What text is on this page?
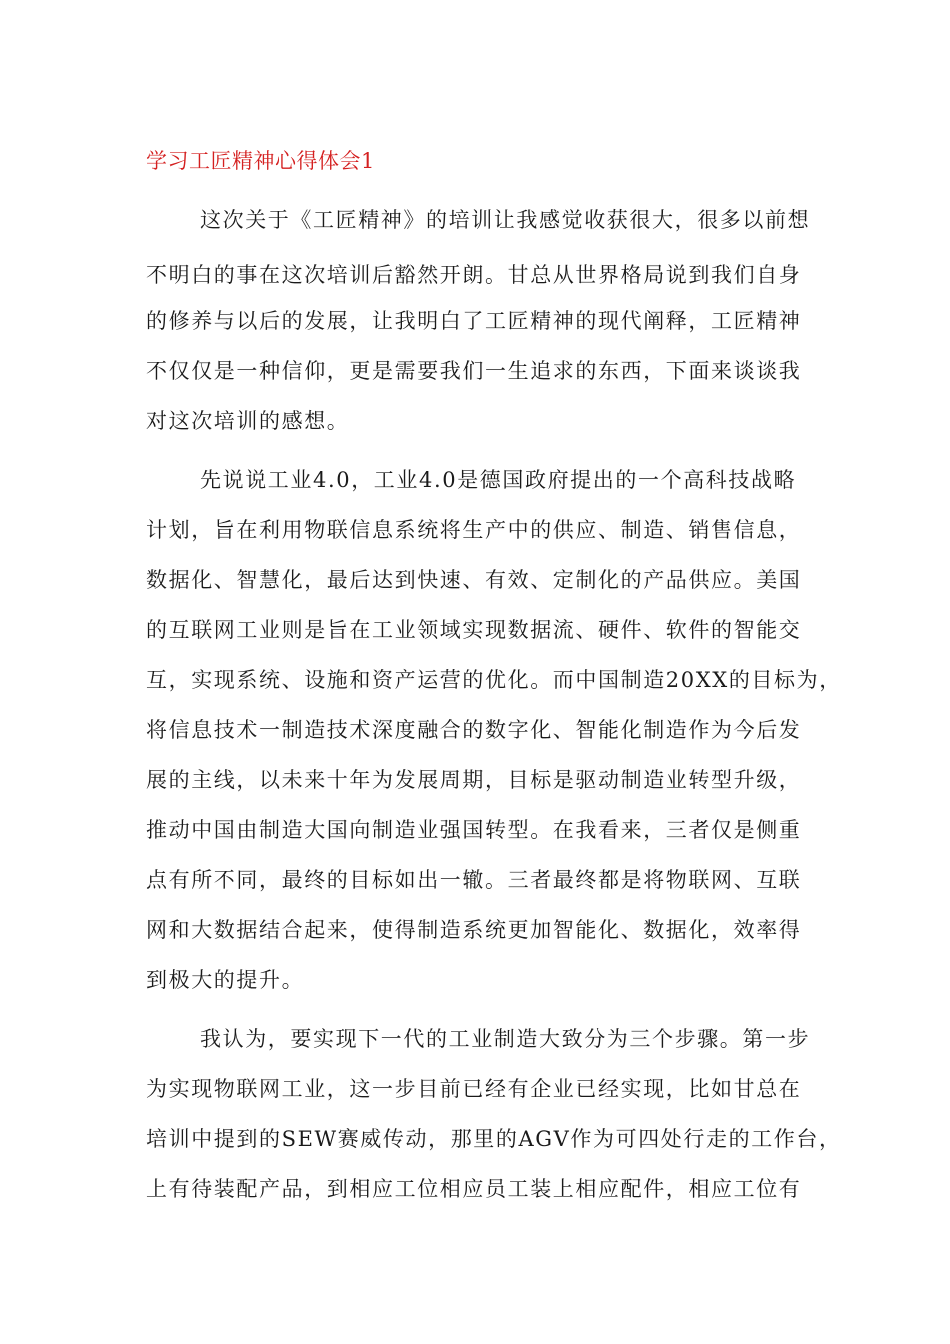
学习工匠精神心得体会1
这次关于《工匠精神》的培训让我感觉收获很大，很多以前想
不明白的事在这次培训后豁然开朗。甘总从世界格局说到我们自身
的修养与以后的发展，让我明白了工匠精神的现代阐释，工匠精神
不仅仅是一种信仰，更是需要我们一生追求的东西，下面来谈谈我
对这次培训的感想。
先说说工业4.0，工业4.0是德国政府提出的一个高科技战略
计划，旨在利用物联信息系统将生产中的供应、制造、销售信息，
数据化、智慧化，最后达到快速、有效、定制化的产品供应。美国
的互联网工业则是旨在工业领域实现数据流、硬件、软件的智能交
互，实现系统、设施和资产运营的优化。而中国制造20XX的目标为，
将信息技术一制造技术深度融合的数字化、智能化制造作为今后发
展的主线，以未来十年为发展周期，目标是驱动制造业转型升级，
推动中国由制造大国向制造业强国转型。在我看来，三者仅是侧重
点有所不同，最终的目标如出一辙。三者最终都是将物联网、互联
网和大数据结合起来，使得制造系统更加智能化、数据化，效率得
到极大的提升。
我认为，要实现下一代的工业制造大致分为三个步骤。第一步
为实现物联网工业，这一步目前已经有企业已经实现，比如甘总在
培训中提到的SEW赛威传动，那里的AGV作为可四处行走的工作台，
上有待装配产品，到相应工位相应员工装上相应配件，相应工位有
